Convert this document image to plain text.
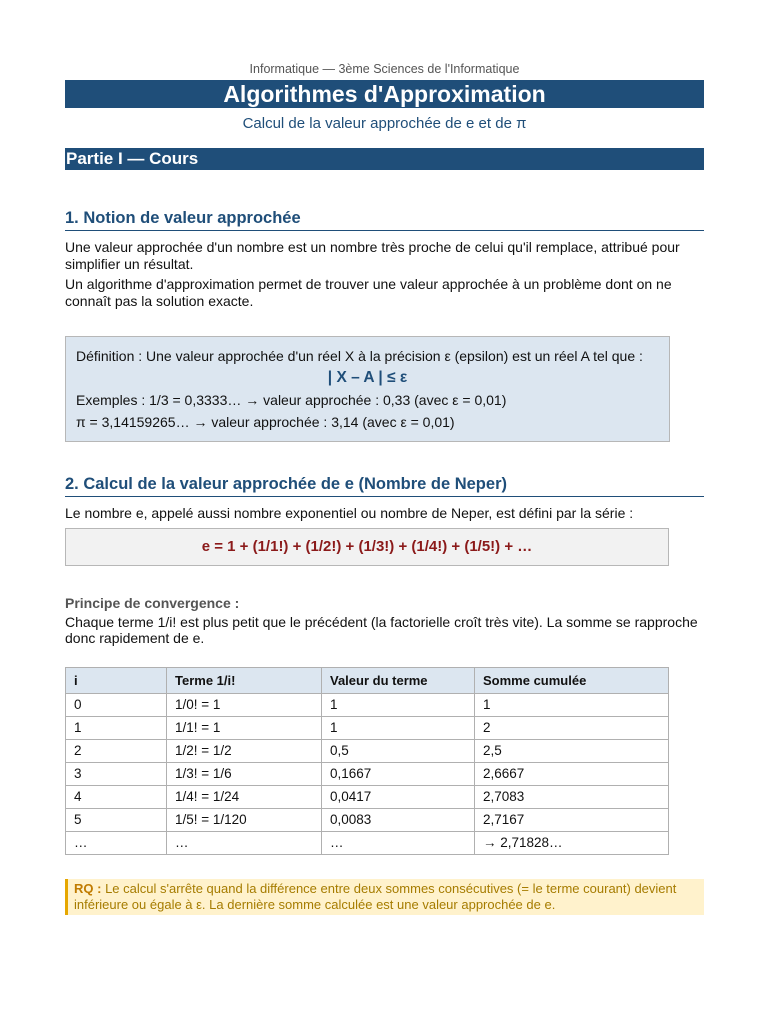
Informatique — 3ème Sciences de l'Informatique
Algorithmes d'Approximation
Calcul de la valeur approchée de e et de π
Partie I — Cours
1. Notion de valeur approchée

Une valeur approchée d'un nombre est un nombre très proche de celui qu'il remplace, attribué pour simplifier un résultat.

Un algorithme d'approximation permet de trouver une valeur approchée à un problème dont on ne connaît pas la solution exacte.

Définition : Une valeur approchée d'un réel X à la précision ε (epsilon) est un réel A tel que :
| X – A | ≤ ε
Exemples : 1/3 = 0,3333… → valeur approchée : 0,33 (avec ε = 0,01)
π = 3,14159265… → valeur approchée : 3,14 (avec ε = 0,01)
2. Calcul de la valeur approchée de e (Nombre de Neper)

Le nombre e, appelé aussi nombre exponentiel ou nombre de Neper, est défini par la série :

e = 1 + (1/1!) + (1/2!) + (1/3!) + (1/4!) + (1/5!) + …
Principe de convergence :

Chaque terme 1/i! est plus petit que le précédent (la factorielle croît très vite). La somme se rapproche donc rapidement de e.

i	Terme 1/i!	Valeur du terme	Somme cumulée
0	1/0! = 1	1	1
1	1/1! = 1	1	2
2	1/2! = 1/2	0,5	2,5
3	1/3! = 1/6	0,1667	2,6667
4	1/4! = 1/24	0,0417	2,7083
5	1/5! = 1/120	0,0083	2,7167
…	…	…	→ 2,71828…
RQ : Le calcul s'arrête quand la différence entre deux sommes consécutives (= le terme courant) devient inférieure ou égale à ε. La dernière somme calculée est une valeur approchée de e.
